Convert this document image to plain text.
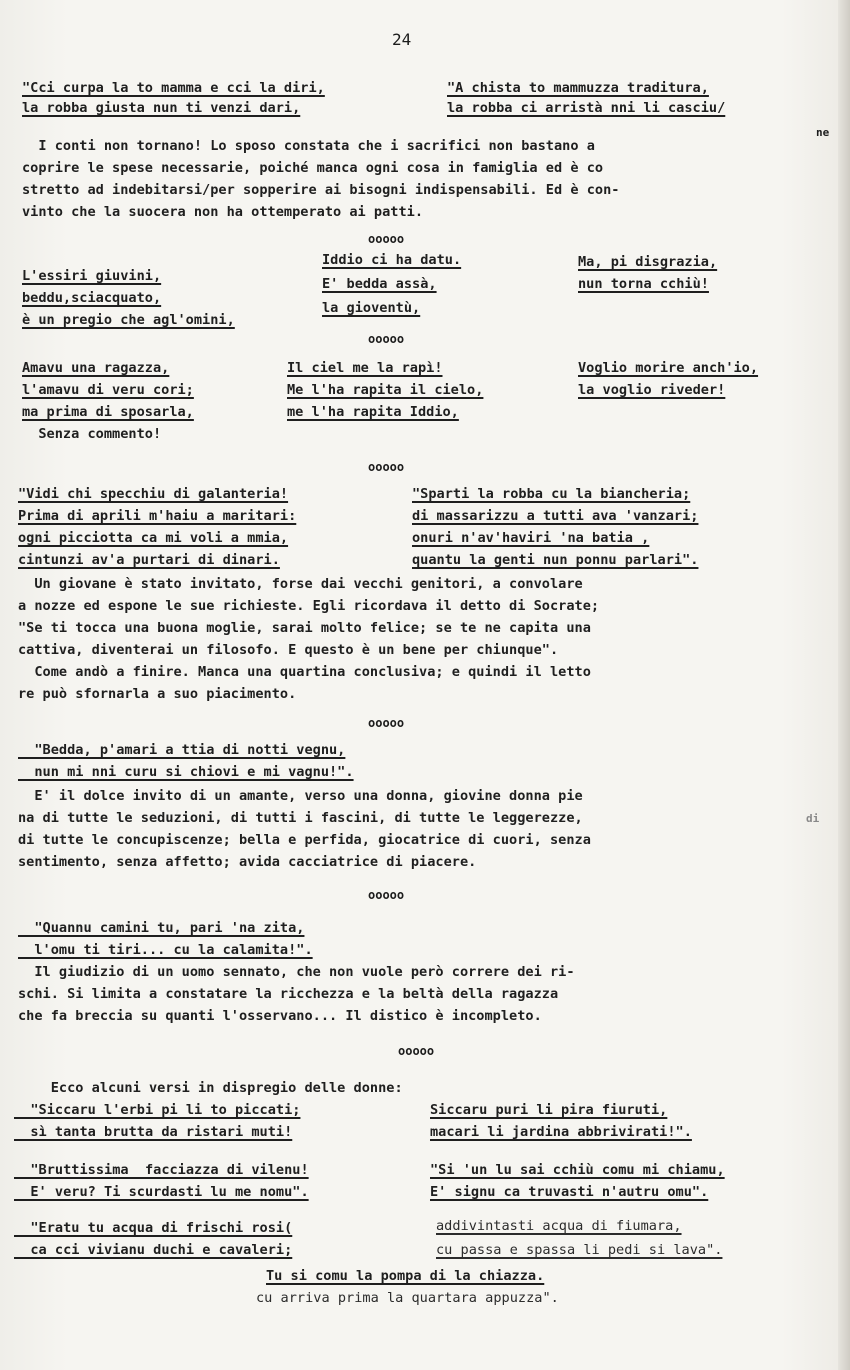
24
"Cci curpa la to mamma e cci la diri,
la robba giusta nun ti venzi dari,
"A chista to mammuzza traditura,
la robba ci arristà nni li casciu/
ne
I conti non tornano! Lo sposo constata che i sacrifici non bastano a
coprire le spese necessarie, poiché manca ogni cosa in famiglia ed è co
stretto ad indebitarsi/per sopperire ai bisogni indispensabili. Ed è con-
vinto che la suocera non ha ottemperato ai patti.
ooooo
Iddio ci ha datu.
E' bedda assà,
la gioventù,
L'essiri giuvini,
beddu,sciacquato,
è un pregio che agl'omini,
Ma, pi disgrazia,
nun torna cchiù!
ooooo
Amavu una ragazza,
l'amavu di veru cori;
ma prima di sposarla,
Senza commento!
Il ciel me la rapì!
Me l'ha rapita il cielo,
me l'ha rapita Iddio,
Voglio morire anch'io,
la voglio riveder!
ooooo
"Vidi chi specchiu di galanteria!
Prima di aprili m'haiu a maritari:
ogni picciotta ca mi voli a mmia,
cintunzi av'a purtari di dinari.
"Sparti la robba cu la biancheria;
di massarizzu a tutti ava 'vanzari;
onuri n'av'haviri 'na batia ,
quantu la genti nun ponnu parlari".
Un giovane è stato invitato, forse dai vecchi genitori, a convolare
a nozze ed espone le sue richieste. Egli ricordava il detto di Socrate;
"Se ti tocca una buona moglie, sarai molto felice; se te ne capita una
cattiva, diventerai un filosofo. E questo è un bene per chiunque".
Come andò a finire. Manca una quartina conclusiva; e quindi il letto
re può sfornarla a suo piacimento.
ooooo
"Bedda, p'amari a ttia di notti vegnu,
nun mi nni curu si chiovi e mi vagnu!".
E' il dolce invito di un amante, verso una donna, giovine donna pie
na di tutte le seduzioni, di tutti i fascini, di tutte le leggerezze,	di
di tutte le concupiscenze; bella e perfida, giocatrice di cuori, senza
sentimento, senza affetto; avida cacciatrice di piacere.
ooooo
"Quannu camini tu, pari 'na zita,
l'omu ti tiri... cu la calamita!".
Il giudizio di un uomo sennato, che non vuole però correre dei ri-
schi. Si limita a constatare la ricchezza e la beltà della ragazza
che fa breccia su quanti l'osservano... Il distico è incompleto.
ooooo
Ecco alcuni versi in dispregio delle donne:
"Siccaru l'erbi pi li to piccati;
sì tanta brutta da ristari muti!
Siccaru puri li pira fiuruti,
macari li jardina abbrivirati!".
"Bruttissima  facciazza di vilenu!
E' veru? Ti scurdasti lu me nomu".
"Si 'un lu sai cchiù comu mi chiamu,
E' signu ca truvasti n'autru omu".
"Eratu tu acqua di frischi rosi(
ca cci vivianu duchi e cavaleri;
addivintasti acqua di fiumara,
cu passa e spassa li pedi si lava".
Tu si comu la pompa di la chiazza.
cu arriva prima la quartara appuzza".
